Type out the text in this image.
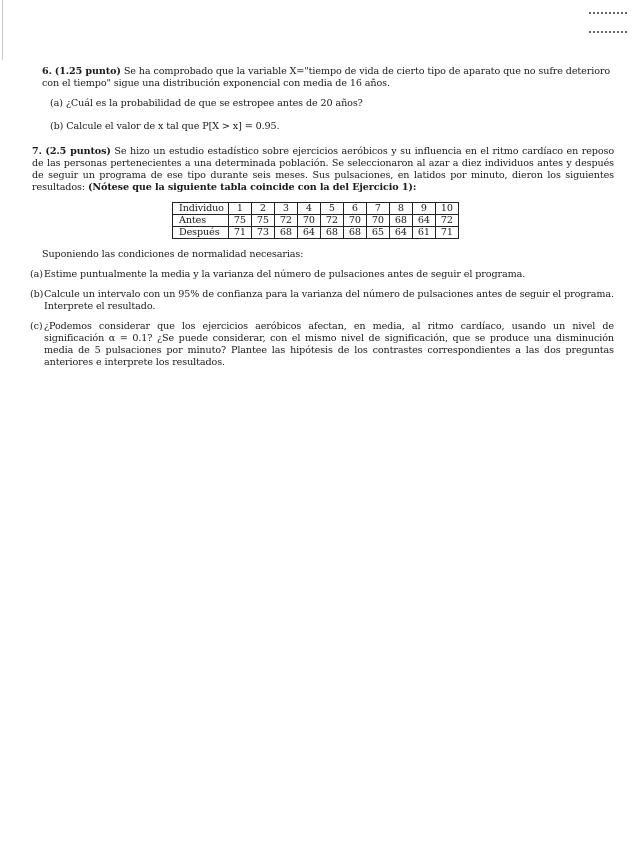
6. (1.25 punto) Se ha comprobado que la variable X="tiempo de vida de cierto tipo de aparato que no sufre deterioro con el tiempo" sigue una distribución exponencial con media de 16 años.

(a) ¿Cuál es la probabilidad de que se estropee antes de 20 años?

(b) Calcule el valor de x tal que P[X > x] = 0.95.

7. (2.5 puntos) Se hizo un estudio estadístico sobre ejercicios aeróbicos y su influencia en el ritmo cardíaco en reposo de las personas pertenecientes a una determinada población. Se seleccionaron al azar a diez individuos antes y después de seguir un programa de ese tipo durante seis meses. Sus pulsaciones, en latidos por minuto, dieron los siguientes resultados: (Nótese que la siguiente tabla coincide con la del Ejercicio 1):

Individuo	1	2	3	4	5	6	7	8	9	10
Antes	75	75	72	70	72	70	70	68	64	72
Después	71	73	68	64	68	68	65	64	61	71

Suponiendo las condiciones de normalidad necesarias:

(a)Estime puntualmente la media y la varianza del número de pulsaciones antes de seguir el programa.

(b)Calcule un intervalo con un 95% de confianza para la varianza del número de pulsaciones antes de seguir el programa. Interprete el resultado.

(c)¿Podemos considerar que los ejercicios aeróbicos afectan, en media, al ritmo cardíaco, usando un nivel de significación α = 0.1? ¿Se puede considerar, con el mismo nivel de significación, que se produce una disminución media de 5 pulsaciones por minuto? Plantee las hipótesis de los contrastes correspondientes a las dos preguntas anteriores e interprete los resultados.
